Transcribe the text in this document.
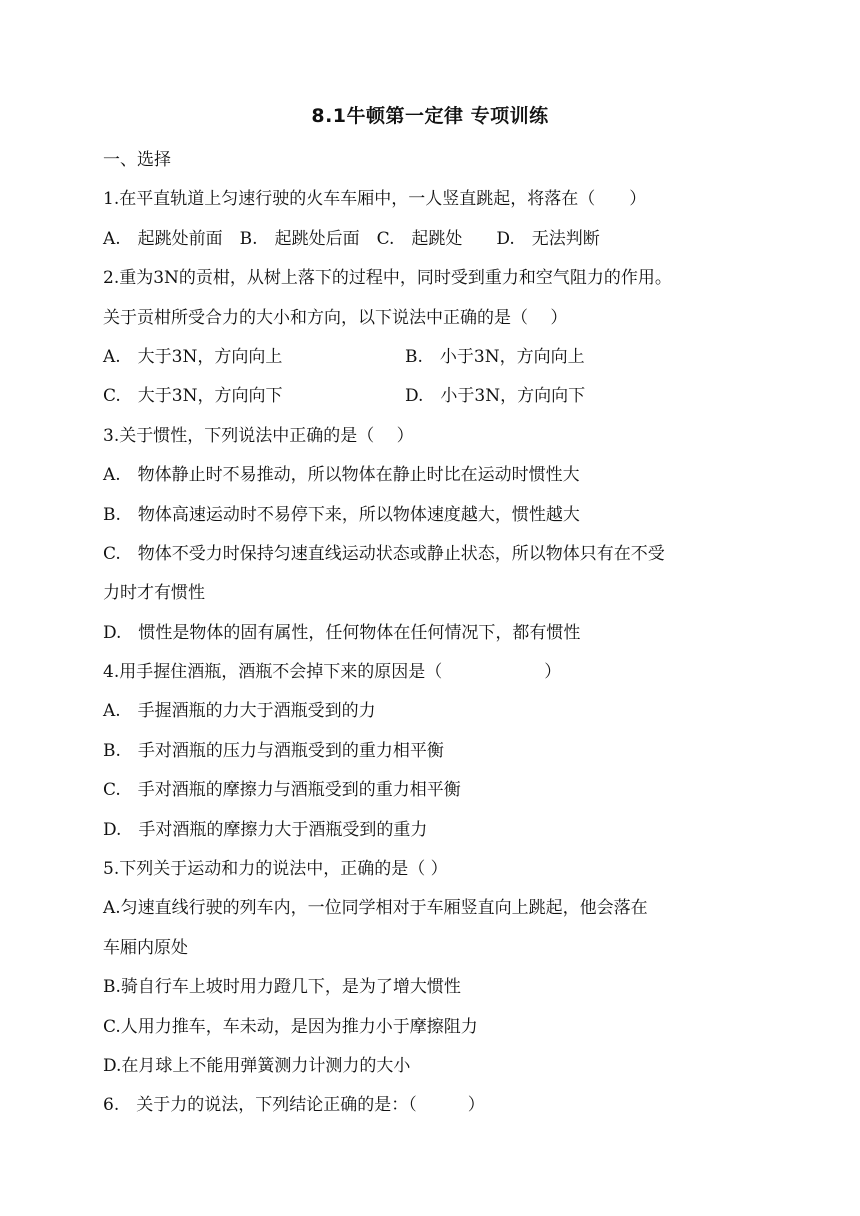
8.1牛顿第一定律 专项训练
一、选择
1.在平直轨道上匀速行驶的火车车厢中，一人竖直跳起，将落在（　　）
A.　起跳处前面　B.　起跳处后面　C.　起跳处　　D.　无法判断
2.重为3N的贡柑，从树上落下的过程中，同时受到重力和空气阻力的作用。
关于贡柑所受合力的大小和方向，以下说法中正确的是（　 ）
A.　大于3N，方向向上	B.　小于3N，方向向上
C.　大于3N，方向向下	D.　小于3N，方向向下
3.关于惯性，下列说法中正确的是（　 ）
A.　物体静止时不易推动，所以物体在静止时比在运动时惯性大
B.　物体高速运动时不易停下来，所以物体速度越大，惯性越大
C.　物体不受力时保持匀速直线运动状态或静止状态，所以物体只有在不受
力时才有惯性
D.　惯性是物体的固有属性，任何物体在任何情况下，都有惯性
4.用手握住酒瓶，酒瓶不会掉下来的原因是（　　　　　　）
A.　手握酒瓶的力大于酒瓶受到的力
B.　手对酒瓶的压力与酒瓶受到的重力相平衡
C.　手对酒瓶的摩擦力与酒瓶受到的重力相平衡
D.　手对酒瓶的摩擦力大于酒瓶受到的重力
5.下列关于运动和力的说法中，正确的是（ ）
A.匀速直线行驶的列车内，一位同学相对于车厢竖直向上跳起，他会落在
车厢内原处
B.骑自行车上坡时用力蹬几下，是为了增大惯性
C.人用力推车，车未动，是因为推力小于摩擦阻力
D.在月球上不能用弹簧测力计测力的大小
6.　关于力的说法，下列结论正确的是：（　　　）
